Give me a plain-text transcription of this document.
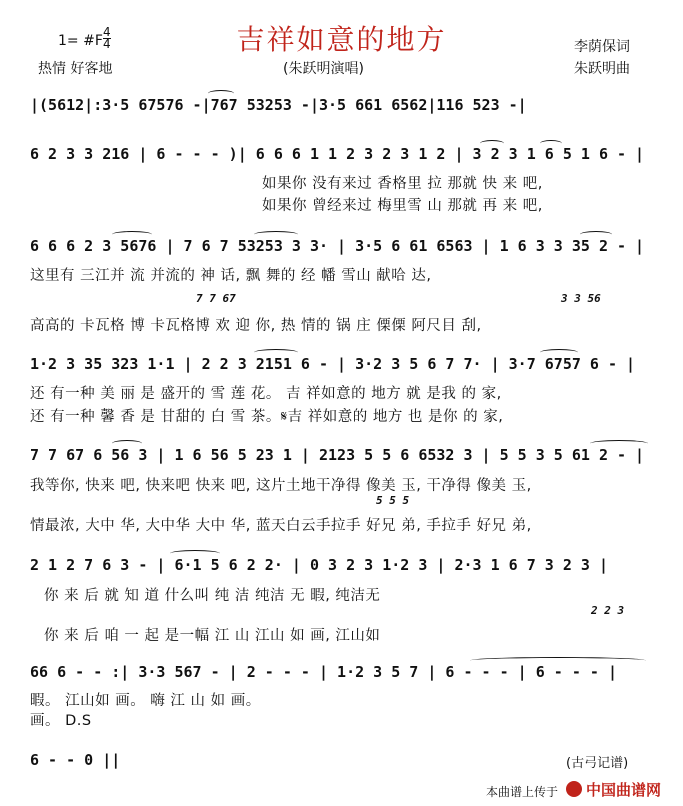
1= #F $\frac{4}{4}$	吉祥如意的地方
热情 好客地	(朱跃明演唱)
李荫保词
朱跃明曲
|(5612|:3·5 67576 -|767 53253 -|3·5 661 6562|116 523 -|
6 2 3 3 216 | 6 - - - )| 6 6 6 1 1 2 3 2 3 1 2 | 3 2 3 1 6 5 1 6 - |
如果你 没有来过 香格里 拉 那就 快 来 吧,
如果你 曾经来过 梅里雪 山 那就 再 来 吧,
6 6 6 2 3 5676 | 7 6 7 53253 3 3· | 3·5 6 61 6563 | 1 6 3 3 35 2 - |
这里有 三江并 流 并流的 神 话, 飘 舞的 经 幡 雪山 献哈 达,
7 7 67	3 3 56
高高的 卡瓦格 博 卡瓦格博 欢 迎 你, 热 情的 锅 庄 傈傈 阿尺目 刮,
1·2 3 35 323 1·1 | 2 2 3 2151 6 - | 3·2 3 5 6 7 7· | 3·7 6757 6 - |
还 有一种 美 丽 是 盛开的 雪 莲 花。 吉 祥如意的 地方 就 是我 的 家,
还 有一种 馨 香 是 甘甜的 白 雪 茶。𝄋吉 祥如意的 地方 也 是你 的 家,
7 7 67 6 56 3 | 1 6 56 5 23 1 | 2123 5 5 6 6532 3 | 5 5 3 5 61 2 - |
我等你, 快来 吧, 快来吧 快来 吧, 这片土地干净得 像美 玉, 干净得 像美 玉,
5 5 5
情最浓, 大中 华, 大中华 大中 华, 蓝天白云手拉手 好兄 弟, 手拉手 好兄 弟,
2 1 2 7 6 3 - | 6·1 5 6 2 2· | 0 3 2 3 1·2 3 | 2·3 1 6 7 3 2 3 |
你 来 后 就 知 道 什么叫 纯 洁 纯洁 无 暇, 纯洁无
2 2 3
你 来 后 咱 一 起 是一幅 江 山 江山 如 画, 江山如
66 6 - - :| 3·3 567 - | 2 - - - | 1·2 3 5 7 | 6 - - - | 6 - - - |
暇。 江山如 画。 嗨 江 山 如 画。
画。 D.S
6 - - 0 ||	(古弓记谱)
本曲谱上传于 中国曲谱网
